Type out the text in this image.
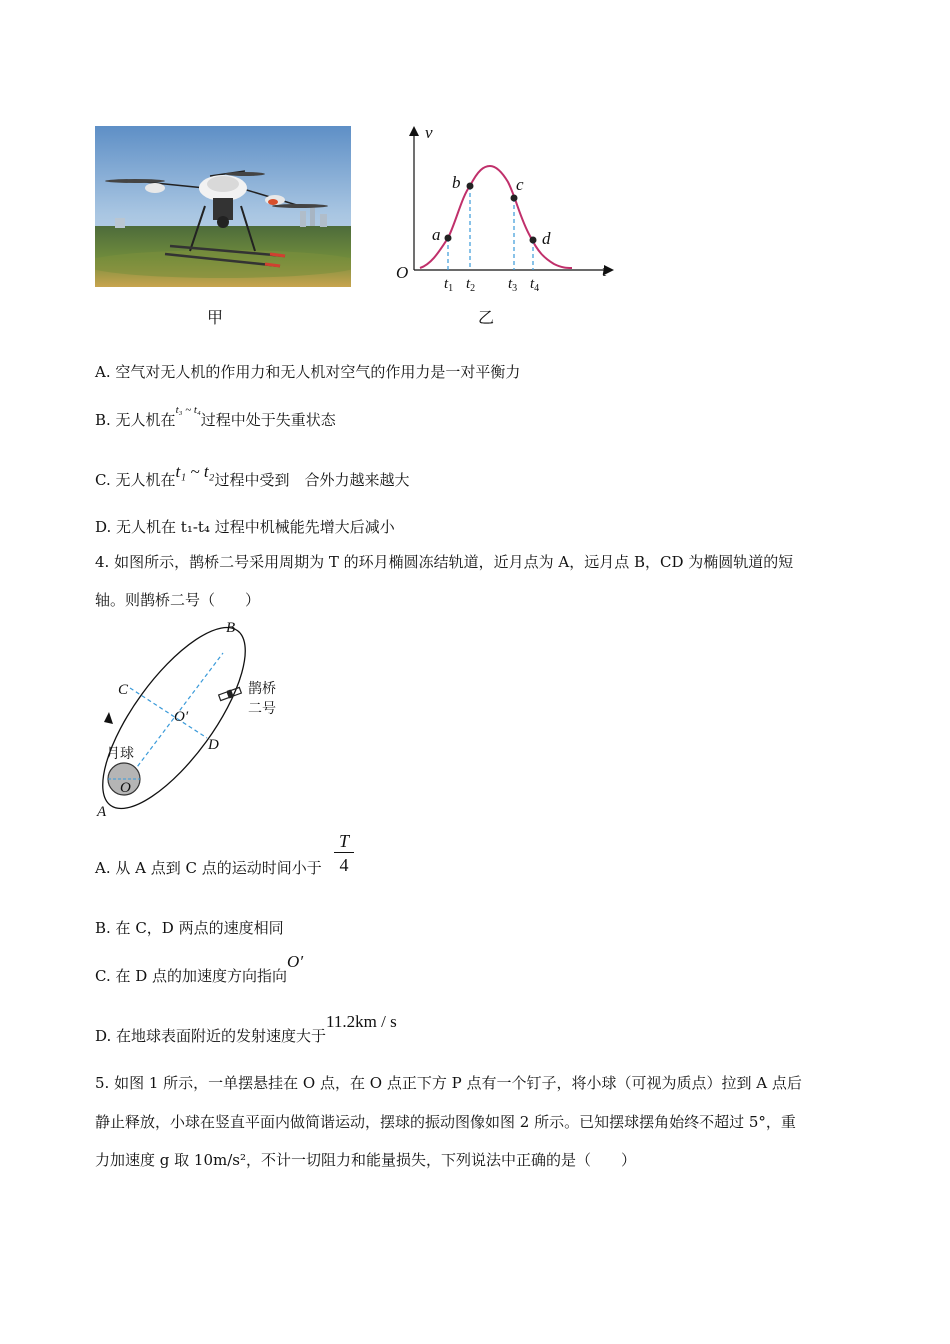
甲
v
t
O
a
b	c
d
$t_1$ $t_2$ $t_3$ $t_4$
乙
A. 空气对无人机的作用力和无人机对空气的作用力是一对平衡力
B. 无人机在$^{t_3 \sim t_4}$过程中处于失重状态
C. 无人机在t₁ ~ t₂过程中受到　合外力越来越大
D. 无人机在 t₁-t₄ 过程中机械能先增大后减小
4. 如图所示，鹊桥二号采用周期为 T 的环月椭圆冻结轨道，近月点为 A，远月点 B，CD 为椭圆轨道的短
轴。则鹊桥二号（　　）
O
A
B
C
D
O′
月球
鹊桥
二号
A. 从 A 点到 C 点的运动时间小于 $\frac{T}{4}$
B. 在 C，D 两点的速度相同
C. 在 D 点的加速度方向指向O′
D. 在地球表面附近的发射速度大于11.2km / s
5. 如图 1 所示，一单摆悬挂在 O 点，在 O 点正下方 P 点有一个钉子，将小球（可视为质点）拉到 A 点后
静止释放，小球在竖直平面内做简谐运动，摆球的振动图像如图 2 所示。已知摆球摆角始终不超过 5°，重
力加速度 g 取 10m/s²，不计一切阻力和能量损失，下列说法中正确的是（　　）
